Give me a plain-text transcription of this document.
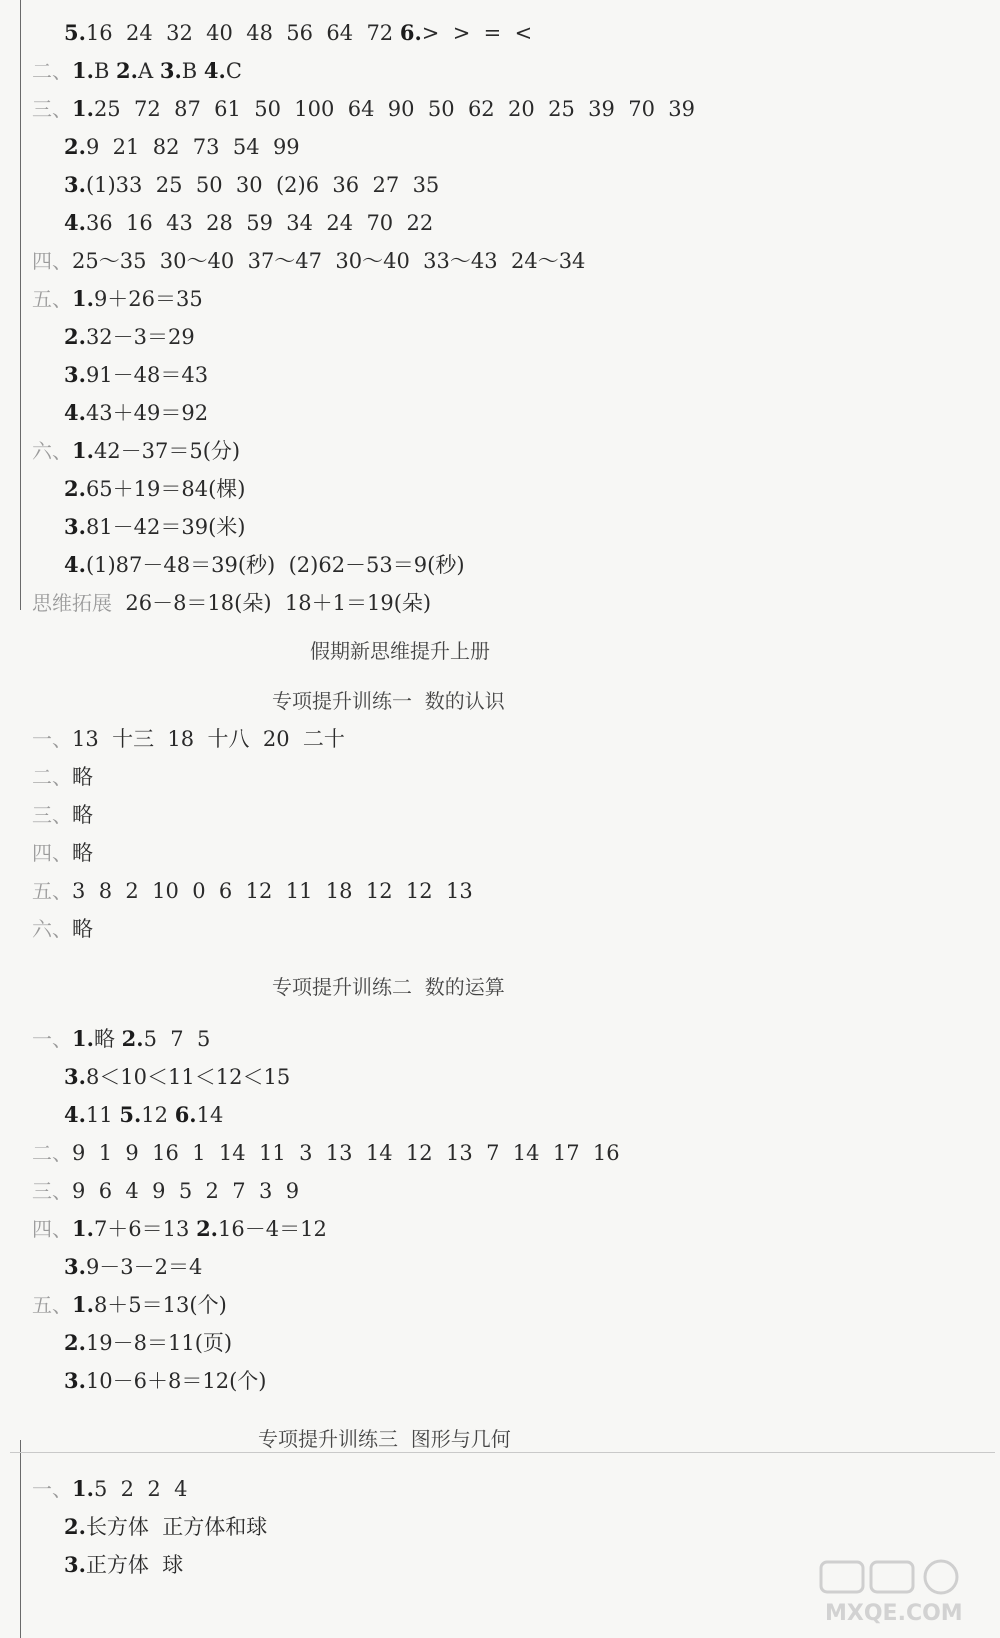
5.16  24  32  40  48  56  64  72 6.>  >  =  <
二、1.B 2.A 3.B 4.C
三、1.25  72  87  61  50  100  64  90  50  62  20  25  39  70  39
2.9  21  82  73  54  99
3.(1)33  25  50  30  (2)6  36  27  35
4.36  16  43  28  59  34  24  70  22
四、25～35  30～40  37～47  30～40  33～43  24～34
五、1.9＋26＝35
2.32－3＝29
3.91－48＝43
4.43＋49＝92
六、1.42－37＝5(分)
2.65＋19＝84(棵)
3.81－42＝39(米)
4.(1)87－48＝39(秒)  (2)62－53＝9(秒)
思维拓展  26－8＝18(朵)  18＋1＝19(朵)
一、13  十三  18  十八  20  二十
二、略
三、略
四、略
五、3  8  2  10  0  6  12  11  18  12  12  13
六、略
一、1.略 2.5  7  5
3.8＜10＜11＜12＜15
4.11 5.12 6.14
二、9  1  9  16  1  14  11  3  13  14  12  13  7  14  17  16
三、9  6  4  9  5  2  7  3  9
四、1.7＋6＝13 2.16－4＝12
3.9－3－2＝4
五、1.8＋5＝13(个)
2.19－8＝11(页)
3.10－6＋8＝12(个)
一、1.5  2  2  4
2.长方体  正方体和球
3.正方体  球
假期新思维提升上册
专项提升训练一  数的认识
专项提升训练二  数的运算
专项提升训练三  图形与几何
MXQE.COM
